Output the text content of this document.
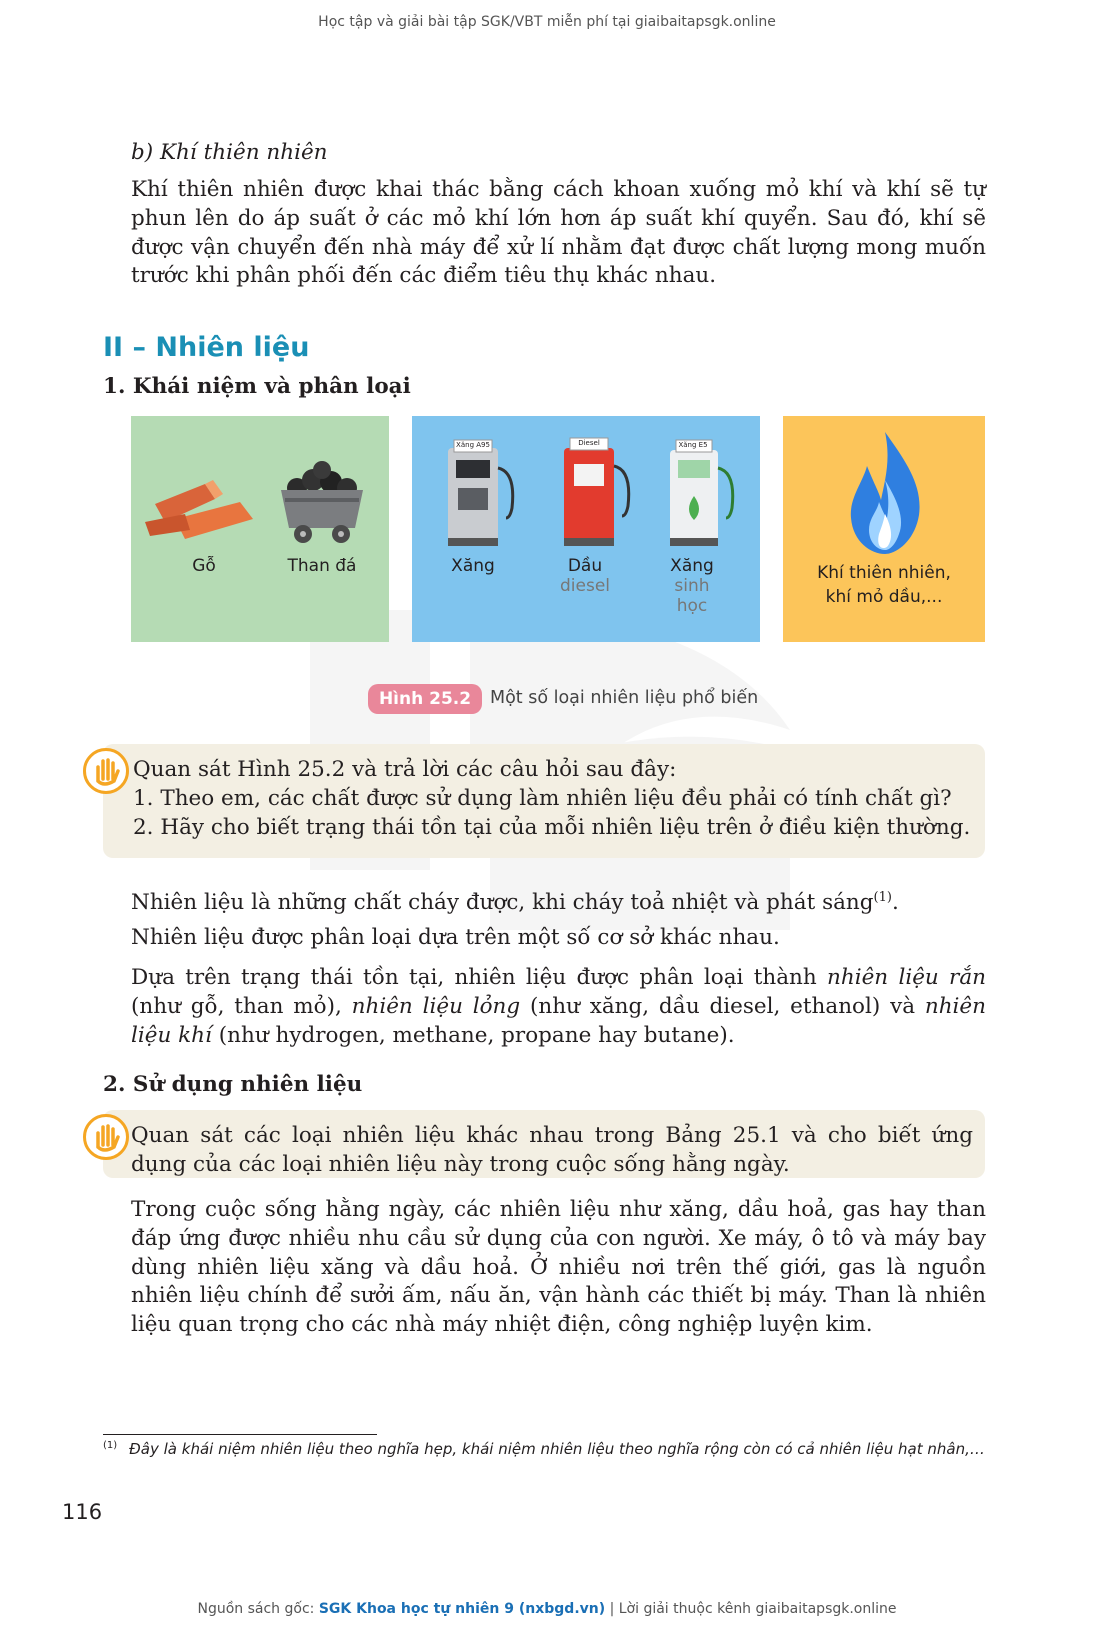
Học tập và giải bài tập SGK/VBT miễn phí tại giaibaitapsgk.online
b) Khí thiên nhiên
Khí thiên nhiên được khai thác bằng cách khoan xuống mỏ khí và khí sẽ tự phun lên do áp suất ở các mỏ khí lớn hơn áp suất khí quyển. Sau đó, khí sẽ được vận chuyển đến nhà máy để xử lí nhằm đạt được chất lượng mong muốn trước khi phân phối đến các điểm tiêu thụ khác nhau.
II – Nhiên liệu
1. Khái niệm và phân loại
Gỗ	Than đá
Xăng A95	Diesel	Xăng E5
Xăng	Dầu
diesel
Xăng
sinh
học
Khí thiên nhiên,
khí mỏ dầu,...
Hình 25.2	Một số loại nhiên liệu phổ biến
Quan sát Hình 25.2 và trả lời các câu hỏi sau đây:
1. Theo em, các chất được sử dụng làm nhiên liệu đều phải có tính chất gì?
2. Hãy cho biết trạng thái tồn tại của mỗi nhiên liệu trên ở điều kiện thường.
Nhiên liệu là những chất cháy được, khi cháy toả nhiệt và phát sáng$^{(1)}$.
Nhiên liệu được phân loại dựa trên một số cơ sở khác nhau.
Dựa trên trạng thái tồn tại, nhiên liệu được phân loại thành nhiên liệu rắn (như gỗ, than mỏ), nhiên liệu lỏng (như xăng, dầu diesel, ethanol) và nhiên liệu khí (như hydrogen, methane, propane hay butane).
2. Sử dụng nhiên liệu
Quan sát các loại nhiên liệu khác nhau trong Bảng 25.1 và cho biết ứng dụng của các loại nhiên liệu này trong cuộc sống hằng ngày.
Trong cuộc sống hằng ngày, các nhiên liệu như xăng, dầu hoả, gas hay than đáp ứng được nhiều nhu cầu sử dụng của con người. Xe máy, ô tô và máy bay dùng nhiên liệu xăng và dầu hoả. Ở nhiều nơi trên thế giới, gas là nguồn nhiên liệu chính để sưởi ấm, nấu ăn, vận hành các thiết bị máy. Than là nhiên liệu quan trọng cho các nhà máy nhiệt điện, công nghiệp luyện kim.
$^{(1)}$ Đây là khái niệm nhiên liệu theo nghĩa hẹp, khái niệm nhiên liệu theo nghĩa rộng còn có cả nhiên liệu hạt nhân,…
116
Nguồn sách gốc: SGK Khoa học tự nhiên 9 (nxbgd.vn) | Lời giải thuộc kênh giaibaitapsgk.online
